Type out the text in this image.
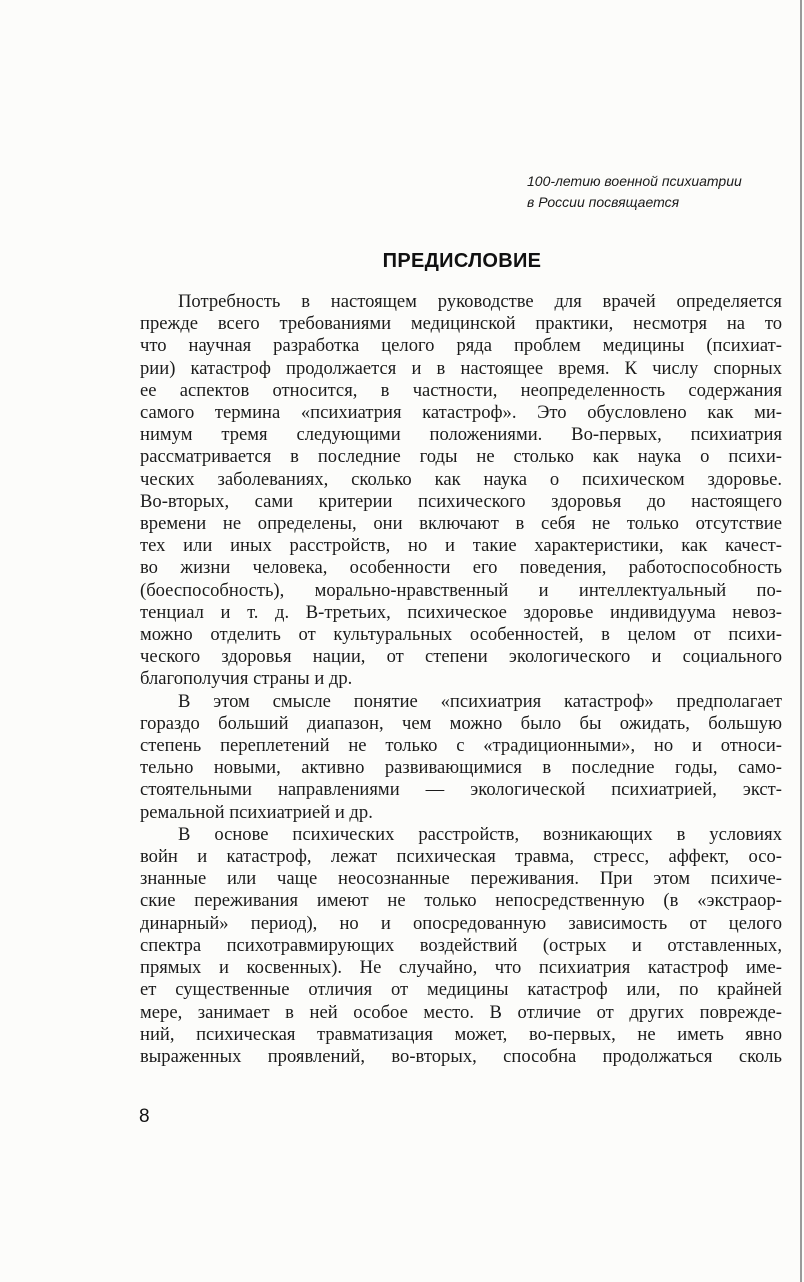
100-летию военной психиатрии
в России посвящается
ПРЕДИСЛОВИЕ
Потребность в настоящем руководстве для врачей определяется
прежде всего требованиями медицинской практики, несмотря на то
что научная разработка целого ряда проблем медицины (психиат-
рии) катастроф продолжается и в настоящее время. К числу спорных
ее аспектов относится, в частности, неопределенность содержания
самого термина «психиатрия катастроф». Это обусловлено как ми-
нимум тремя следующими положениями. Во-первых, психиатрия
рассматривается в последние годы не столько как наука о психи-
ческих заболеваниях, сколько как наука о психическом здоровье.
Во-вторых, сами критерии психического здоровья до настоящего
времени не определены, они включают в себя не только отсутствие
тех или иных расстройств, но и такие характеристики, как качест-
во жизни человека, особенности его поведения, работоспособность
(боеспособность), морально-нравственный и интеллектуальный по-
тенциал и т. д. В-третьих, психическое здоровье индивидуума невоз-
можно отделить от культуральных особенностей, в целом от психи-
ческого здоровья нации, от степени экологического и социального
благополучия страны и др.
В этом смысле понятие «психиатрия катастроф» предполагает
гораздо больший диапазон, чем можно было бы ожидать, большую
степень переплетений не только с «традиционными», но и относи-
тельно новыми, активно развивающимися в последние годы, само-
стоятельными направлениями — экологической психиатрией, экст-
ремальной психиатрией и др.
В основе психических расстройств, возникающих в условиях
войн и катастроф, лежат психическая травма, стресс, аффект, осо-
знанные или чаще неосознанные переживания. При этом психиче-
ские переживания имеют не только непосредственную (в «экстраор-
динарный» период), но и опосредованную зависимость от целого
спектра психотравмирующих воздействий (острых и отставленных,
прямых и косвенных). Не случайно, что психиатрия катастроф име-
ет существенные отличия от медицины катастроф или, по крайней
мере, занимает в ней особое место. В отличие от других поврежде-
ний, психическая травматизация может, во-первых, не иметь явно
выраженных проявлений, во-вторых, способна продолжаться сколь
8
